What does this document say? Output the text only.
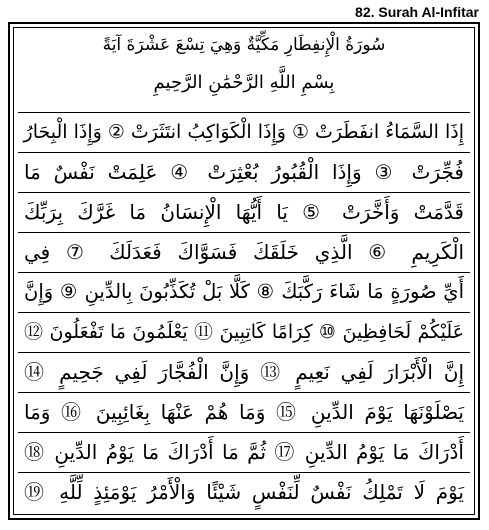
82. Surah Al-Infitar
سُورَةُ الْإِنفِطَارِ مَكِّيَّةٌ وَهِيَ تِسْعَ عَشْرَةَ آيَةً
بِسْمِ اللَّهِ الرَّحْمَٰنِ الرَّحِيمِ
إِذَا السَّمَاءُ انفَطَرَتْ ① وَإِذَا الْكَوَاكِبُ انتَثَرَتْ ② وَإِذَا الْبِحَارُ
فُجِّرَتْ ③ وَإِذَا الْقُبُورُ بُعْثِرَتْ ④ عَلِمَتْ نَفْسٌ مَا
قَدَّمَتْ وَأَخَّرَتْ ⑤ يَا أَيُّهَا الْإِنسَانُ مَا غَرَّكَ بِرَبِّكَ
الْكَرِيمِ ⑥ الَّذِي خَلَقَكَ فَسَوَّاكَ فَعَدَلَكَ ⑦ فِي
أَيِّ صُورَةٍ مَا شَاءَ رَكَّبَكَ ⑧ كَلَّا بَلْ تُكَذِّبُونَ بِالدِّينِ ⑨ وَإِنَّ
عَلَيْكُمْ لَحَافِظِينَ ⑩ كِرَامًا كَاتِبِينَ ⑪ يَعْلَمُونَ مَا تَفْعَلُونَ ⑫
إِنَّ الْأَبْرَارَ لَفِي نَعِيمٍ ⑬ وَإِنَّ الْفُجَّارَ لَفِي جَحِيمٍ ⑭
يَصْلَوْنَهَا يَوْمَ الدِّينِ ⑮ وَمَا هُمْ عَنْهَا بِغَائِبِينَ ⑯ وَمَا
أَدْرَاكَ مَا يَوْمُ الدِّينِ ⑰ ثُمَّ مَا أَدْرَاكَ مَا يَوْمُ الدِّينِ ⑱
يَوْمَ لَا تَمْلِكُ نَفْسٌ لِّنَفْسٍ شَيْئًا وَالْأَمْرُ يَوْمَئِذٍ لِّلَّهِ ⑲
